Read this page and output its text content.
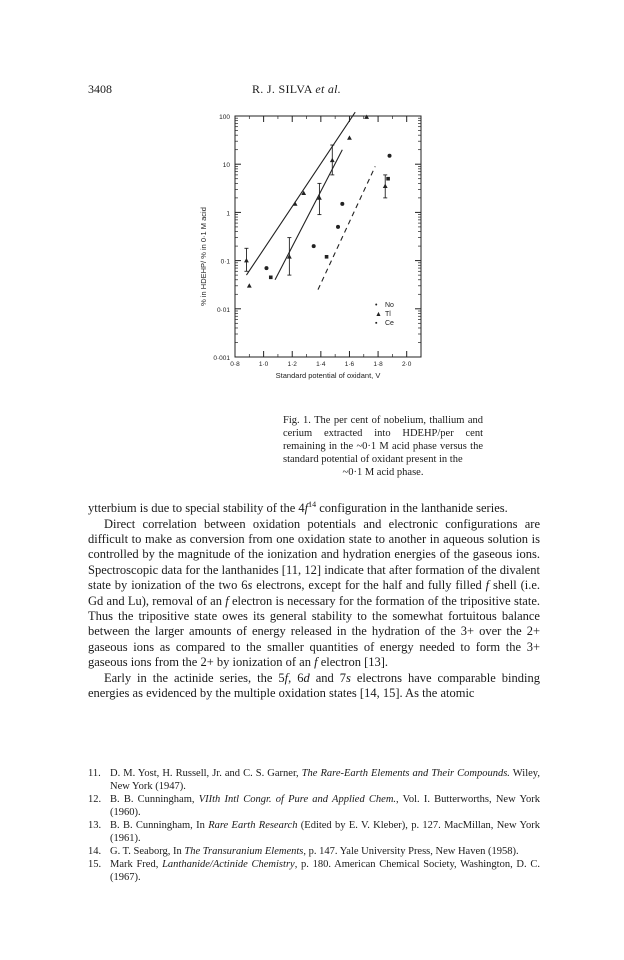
3408	R. J. SILVA et al.
100
10
1
0·1
0·01
0·001
0·8	1·0	1·2	1·4	1·6	1·8	2·0
Standard potential of oxidant, V
% in HDEHP/ % in 0·1 M acid	• No
▲ Tl
▪ Ce
Fig. 1. The per cent of nobelium, thallium and cerium extracted into HDEHP/per cent remaining in the ~0·1 M acid phase versus the standard potential of oxidant present in the
~0·1 M acid phase.

ytterbium is due to special stability of the $4f^{14}$ configuration in the lanthanide series.

Direct correlation between oxidation potentials and electronic configurations are difficult to make as conversion from one oxidation state to another in aqueous solution is controlled by the magnitude of the ionization and hydration energies of the gaseous ions. Spectroscopic data for the lanthanides [11, 12] indicate that after formation of the divalent state by ionization of the two 6s electrons, except for the half and fully filled f shell (i.e. Gd and Lu), removal of an f electron is necessary for the formation of the tripositive state. Thus the tripositive state owes its general stability to the somewhat fortuitous balance between the larger amounts of energy released in the hydration of the 3+ over the 2+ gaseous ions as compared to the smaller quantities of energy needed to form the 3+ gaseous ions from the 2+ by ionization of an f electron [13].

Early in the actinide series, the 5f, 6d and 7s electrons have comparable binding energies as evidenced by the multiple oxidation states [14, 15]. As the atomic

11. D. M. Yost, H. Russell, Jr. and C. S. Garner, The Rare-Earth Elements and Their Compounds. Wiley, New York (1947).
12. B. B. Cunningham, VIIth Intl Congr. of Pure and Applied Chem., Vol. I. Butterworths, New York (1960).
13. B. B. Cunningham, In Rare Earth Research (Edited by E. V. Kleber), p. 127. MacMillan, New York (1961).
14. G. T. Seaborg, In The Transuranium Elements, p. 147. Yale University Press, New Haven (1958).
15. Mark Fred, Lanthanide/Actinide Chemistry, p. 180. American Chemical Society, Washington, D. C. (1967).
